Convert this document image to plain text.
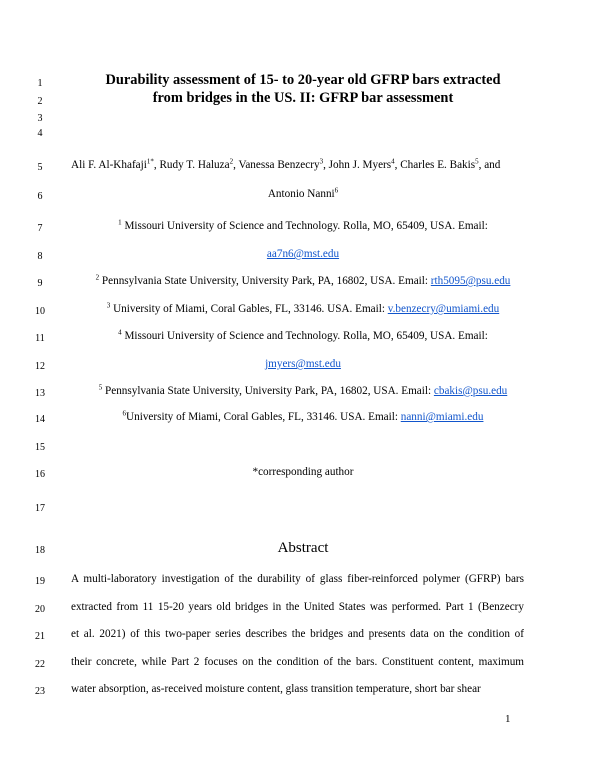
1
2
3
4
5
6
7
8
9
10
11
12
13
14
15
16
17
18
19
20
21
22
23
Durability assessment of 15- to 20-year old GFRP bars extracted
from bridges in the US. II: GFRP bar assessment
Ali F. Al-Khafaji$^{1*}$, Rudy T. Haluza$^2$, Vanessa Benzecry$^3$, John J. Myers$^4$, Charles E. Bakis$^5$, and
Antonio Nanni$^6$
$^1$ Missouri University of Science and Technology. Rolla, MO, 65409, USA. Email:
aa7n6@mst.edu
$^2$ Pennsylvania State University, University Park, PA, 16802, USA. Email: rth5095@psu.edu
$^3$ University of Miami, Coral Gables, FL, 33146. USA. Email: v.benzecry@umiami.edu
$^4$ Missouri University of Science and Technology. Rolla, MO, 65409, USA. Email:
jmyers@mst.edu
$^5$ Pennsylvania State University, University Park, PA, 16802, USA. Email: cbakis@psu.edu
$^6$University of Miami, Coral Gables, FL, 33146. USA. Email: nanni@miami.edu
*corresponding author
Abstract
A multi-laboratory investigation of the durability of glass fiber-reinforced polymer (GFRP) bars
extracted from 11 15-20 years old bridges in the United States was performed. Part 1 (Benzecry
et al. 2021) of this two-paper series describes the bridges and presents data on the condition of
their concrete, while Part 2 focuses on the condition of the bars. Constituent content, maximum
water absorption, as-received moisture content, glass transition temperature, short bar shear
1
